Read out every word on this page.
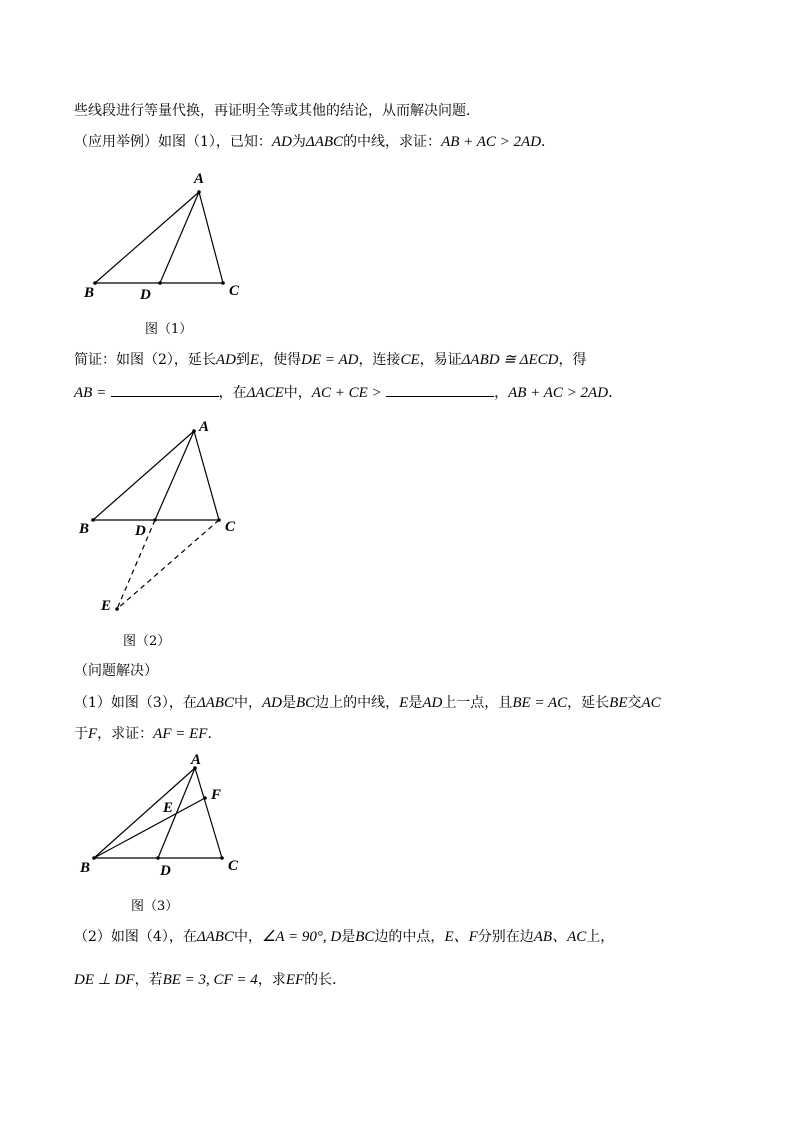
些线段进行等量代换，再证明全等或其他的结论，从而解决问题．
（应用举例）如图（1），已知：AD为ΔABC的中线，求证：AB + AC > 2AD．
A
B	C
D
图（1）
简证：如图（2），延长AD到E，使得DE = AD，连接CE，易证ΔABD ≅ ΔECD，得
AB =	，在ΔACE中，AC + CE >	，AB + AC > 2AD．
A
B	C
D
E
图（2）
（问题解决）
（1）如图（3），在ΔABC中，AD是BC边上的中线，E是AD上一点，且BE = AC，延长BE交AC
于F，求证：AF = EF．
A
B	C
D
E
F
图（3）
（2）如图（4），在ΔABC中，∠A = 90°, D是BC边的中点，E、F分别在边AB、AC上，
DE ⊥ DF，若BE = 3, CF = 4，求EF的长．
